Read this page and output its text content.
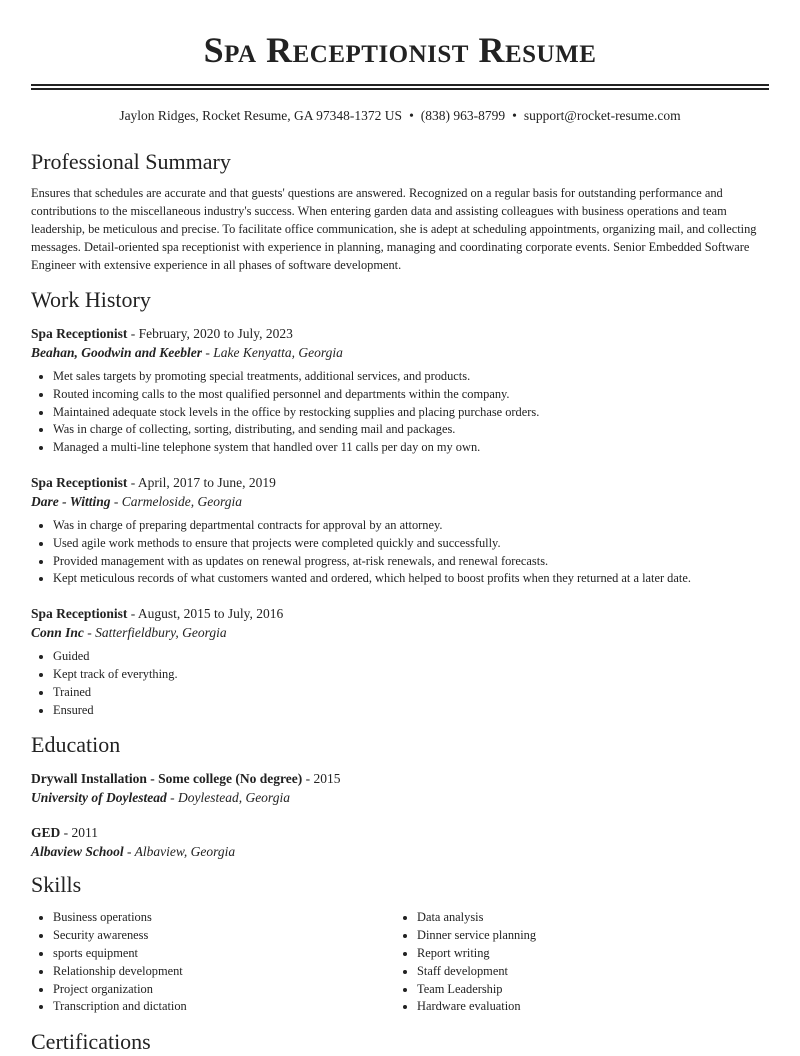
Spa Receptionist Resume
Jaylon Ridges, Rocket Resume, GA 97348-1372 US • (838) 963-8799 • support@rocket-resume.com
Professional Summary

Ensures that schedules are accurate and that guests' questions are answered. Recognized on a regular basis for outstanding performance and contributions to the miscellaneous industry's success. When entering garden data and assisting colleagues with business operations and team leadership, be meticulous and precise. To facilitate office communication, she is adept at scheduling appointments, organizing mail, and collecting messages. Detail-oriented spa receptionist with experience in planning, managing and coordinating corporate events. Senior Embedded Software Engineer with extensive experience in all phases of software development.

Work History
Spa Receptionist - February, 2020 to July, 2023
Beahan, Goodwin and Keebler - Lake Kenyatta, Georgia
• Met sales targets by promoting special treatments, additional services, and products.
• Routed incoming calls to the most qualified personnel and departments within the company.
• Maintained adequate stock levels in the office by restocking supplies and placing purchase orders.
• Was in charge of collecting, sorting, distributing, and sending mail and packages.
• Managed a multi-line telephone system that handled over 11 calls per day on my own.
Spa Receptionist - April, 2017 to June, 2019
Dare - Witting - Carmeloside, Georgia
• Was in charge of preparing departmental contracts for approval by an attorney.
• Used agile work methods to ensure that projects were completed quickly and successfully.
• Provided management with as updates on renewal progress, at-risk renewals, and renewal forecasts.
• Kept meticulous records of what customers wanted and ordered, which helped to boost profits when they returned at a later date.
Spa Receptionist - August, 2015 to July, 2016
Conn Inc - Satterfieldbury, Georgia
• Guided
• Kept track of everything.
• Trained
• Ensured
Education
Drywall Installation - Some college (No degree) - 2015
University of Doylestead - Doylestead, Georgia
GED - 2011
Albaview School - Albaview, Georgia
Skills
• Business operations
• Security awareness
• sports equipment
• Relationship development
• Project organization
• Transcription and dictation
• Data analysis
• Dinner service planning
• Report writing
• Staff development
• Team Leadership
• Hardware evaluation
Certifications
